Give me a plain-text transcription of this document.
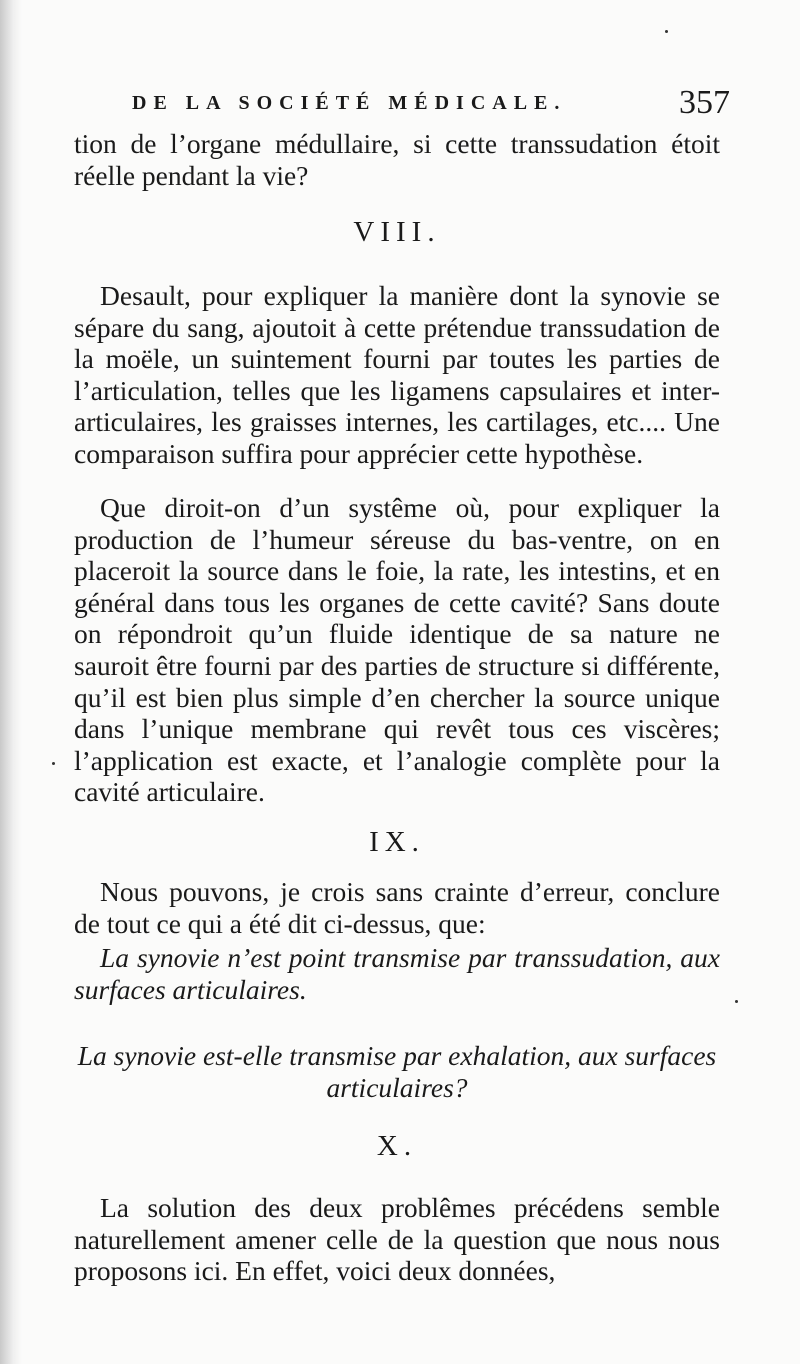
DE LA SOCIÉTÉ MÉDICALE.	357

tion de l’organe médullaire, si cette transsudation étoit réelle pendant la vie?

VIII.

Desault, pour expliquer la manière dont la synovie se sépare du sang, ajoutoit à cette prétendue transsudation de la moële, un suintement fourni par toutes les parties de l’articulation, telles que les ligamens capsulaires et inter-articulaires, les graisses internes, les cartilages, etc.... Une comparaison suffira pour apprécier cette hypothèse.

Que diroit-on d’un systême où, pour expliquer la production de l’humeur séreuse du bas-ventre, on en placeroit la source dans le foie, la rate, les intestins, et en général dans tous les organes de cette cavité? Sans doute on répondroit qu’un fluide identique de sa nature ne sauroit être fourni par des parties de structure si différente, qu’il est bien plus simple d’en chercher la source unique dans l’unique membrane qui revêt tous ces viscères; l’application est exacte, et l’analogie complète pour la cavité articulaire.

IX.

Nous pouvons, je crois sans crainte d’erreur, conclure de tout ce qui a été dit ci-dessus, que:

La synovie n’est point transmise par transsudation, aux surfaces articulaires.

La synovie est-elle transmise par exhalation, aux surfaces articulaires?
X.

La solution des deux problêmes précédens semble naturellement amener celle de la question que nous nous proposons ici. En effet, voici deux données,
